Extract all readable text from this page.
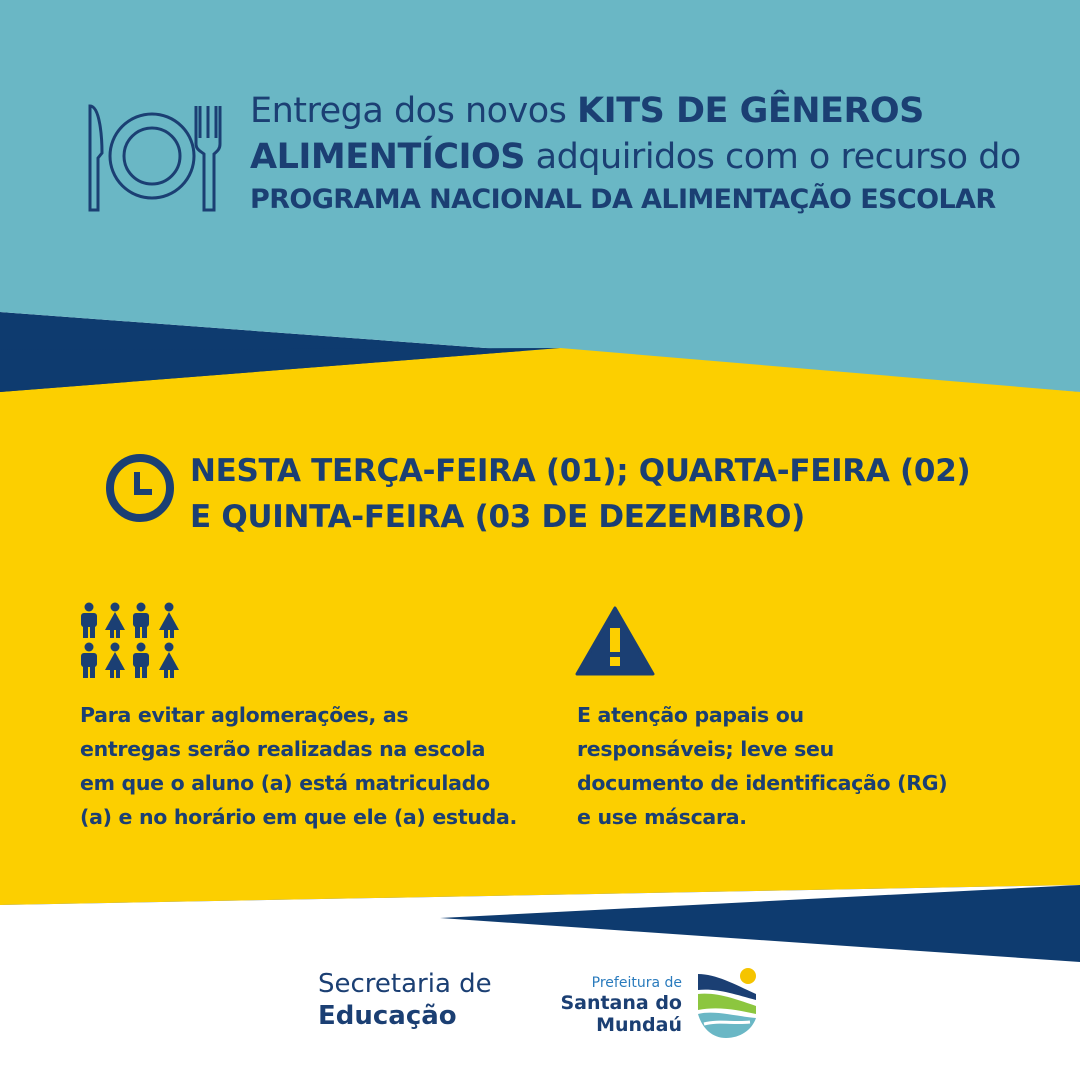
Entrega dos novos KITS DE GÊNEROS
ALIMENTÍCIOS adquiridos com o recurso do
PROGRAMA NACIONAL DA ALIMENTAÇÃO ESCOLAR
NESTA TERÇA-FEIRA (01); QUARTA-FEIRA (02)
E QUINTA-FEIRA (03 DE DEZEMBRO)
Para evitar aglomerações, as
entregas serão realizadas na escola
em que o aluno (a) está matriculado
(a) e no horário em que ele (a) estuda.
E atenção papais ou
responsáveis; leve seu
documento de identificação (RG)
e use máscara.
Secretaria de
Educação
Prefeitura de
Santana do
Mundaú
